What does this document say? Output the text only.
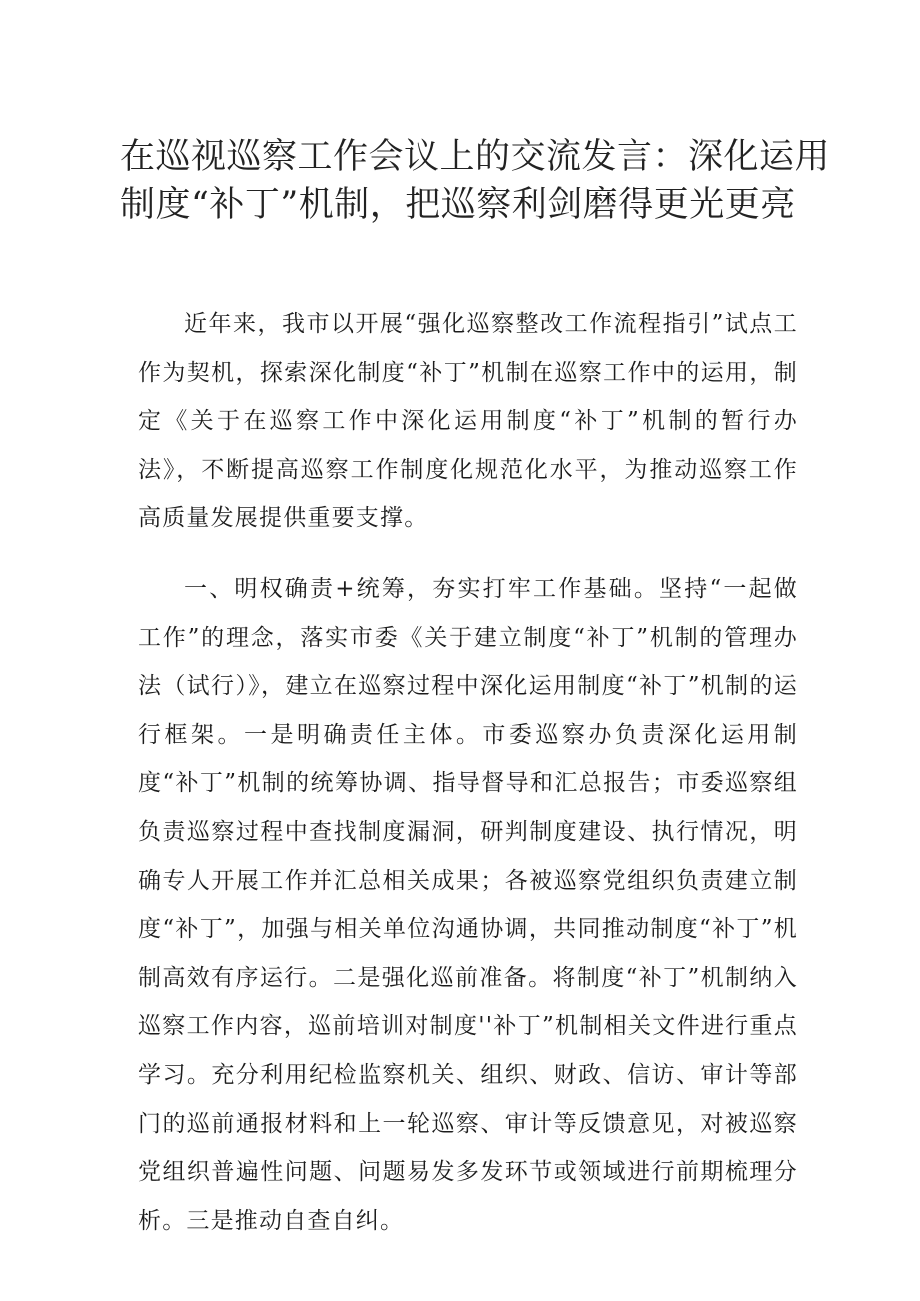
在巡视巡察工作会议上的交流发言：深化运用
制度“补丁”机制，把巡察利剑磨得更光更亮

近年来，我市以开展“强化巡察整改工作流程指引”试点工作为契机，探索深化制度“补丁”机制在巡察工作中的运用，制定《关于在巡察工作中深化运用制度“补丁”机制的暂行办法》，不断提高巡察工作制度化规范化水平，为推动巡察工作高质量发展提供重要支撑。

一、明权确责+统筹，夯实打牢工作基础。坚持“一起做工作”的理念，落实市委《关于建立制度“补丁”机制的管理办法（试行）》，建立在巡察过程中深化运用制度“补丁”机制的运行框架。一是明确责任主体。市委巡察办负责深化运用制度“补丁”机制的统筹协调、指导督导和汇总报告；市委巡察组负责巡察过程中查找制度漏洞，研判制度建设、执行情况，明确专人开展工作并汇总相关成果；各被巡察党组织负责建立制度“补丁”，加强与相关单位沟通协调，共同推动制度“补丁”机制高效有序运行。二是强化巡前准备。将制度“补丁”机制纳入巡察工作内容，巡前培训对制度''补丁”机制相关文件进行重点学习。充分利用纪检监察机关、组织、财政、信访、审计等部门的巡前通报材料和上一轮巡察、审计等反馈意见，对被巡察党组织普遍性问题、问题易发多发环节或领域进行前期梳理分析。三是推动自查自纠。
